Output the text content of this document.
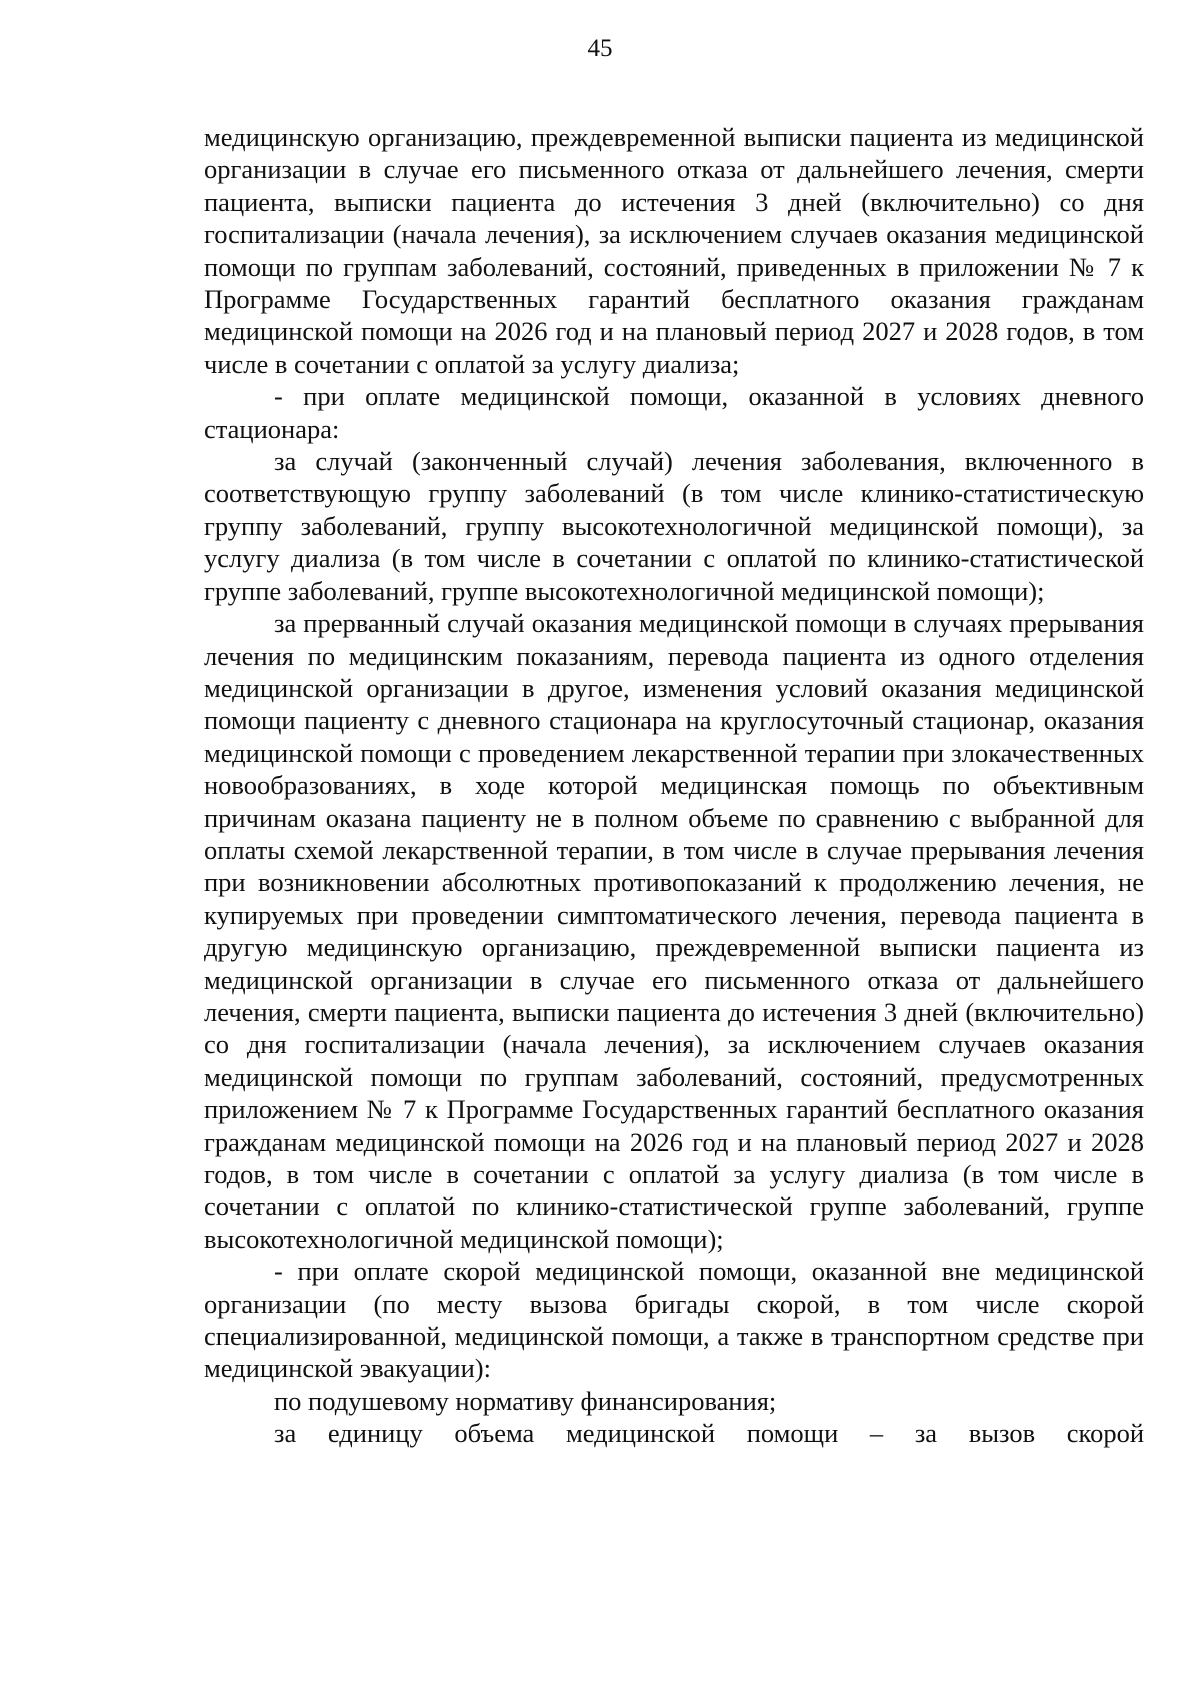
45

медицинскую организацию, преждевременной выписки пациента из медицинской организации в случае его письменного отказа от дальнейшего лечения, смерти пациента, выписки пациента до истечения 3 дней (включительно) со дня госпитализации (начала лечения), за исключением случаев оказания медицинской помощи по группам заболеваний, состояний, приведенных в приложении № 7 к Программе Государственных гарантий бесплатного оказания гражданам медицинской помощи на 2026 год и на плановый период 2027 и 2028 годов, в том числе в сочетании с оплатой за услугу диализа;

- при оплате медицинской помощи, оказанной в условиях дневного стационара:

за случай (законченный случай) лечения заболевания, включенного в соответствующую группу заболеваний (в том числе клинико-статистическую группу заболеваний, группу высокотехнологичной медицинской помощи), за услугу диализа (в том числе в сочетании с оплатой по клинико-статистической группе заболеваний, группе высокотехнологичной медицинской помощи);

за прерванный случай оказания медицинской помощи в случаях прерывания лечения по медицинским показаниям, перевода пациента из одного отделения медицинской организации в другое, изменения условий оказания медицинской помощи пациенту с дневного стационара на круглосуточный стационар, оказания медицинской помощи с проведением лекарственной терапии при злокачественных новообразованиях, в ходе которой медицинская помощь по объективным причинам оказана пациенту не в полном объеме по сравнению с выбранной для оплаты схемой лекарственной терапии, в том числе в случае прерывания лечения при возникновении абсолютных противопоказаний к продолжению лечения, не купируемых при проведении симптоматического лечения, перевода пациента в другую медицинскую организацию, преждевременной выписки пациента из медицинской организации в случае его письменного отказа от дальнейшего лечения, смерти пациента, выписки пациента до истечения 3 дней (включительно) со дня госпитализации (начала лечения), за исключением случаев оказания медицинской помощи по группам заболеваний, состояний, предусмотренных приложением № 7 к Программе Государственных гарантий бесплатного оказания гражданам медицинской помощи на 2026 год и на плановый период 2027 и 2028 годов, в том числе в сочетании с оплатой за услугу диализа (в том числе в сочетании с оплатой по клинико-статистической группе заболеваний, группе высокотехнологичной медицинской помощи);

- при оплате скорой медицинской помощи, оказанной вне медицинской организации (по месту вызова бригады скорой, в том числе скорой специализированной, медицинской помощи, а также в транспортном средстве при медицинской эвакуации):

по подушевому нормативу финансирования;

за единицу объема медицинской помощи – за вызов скорой
